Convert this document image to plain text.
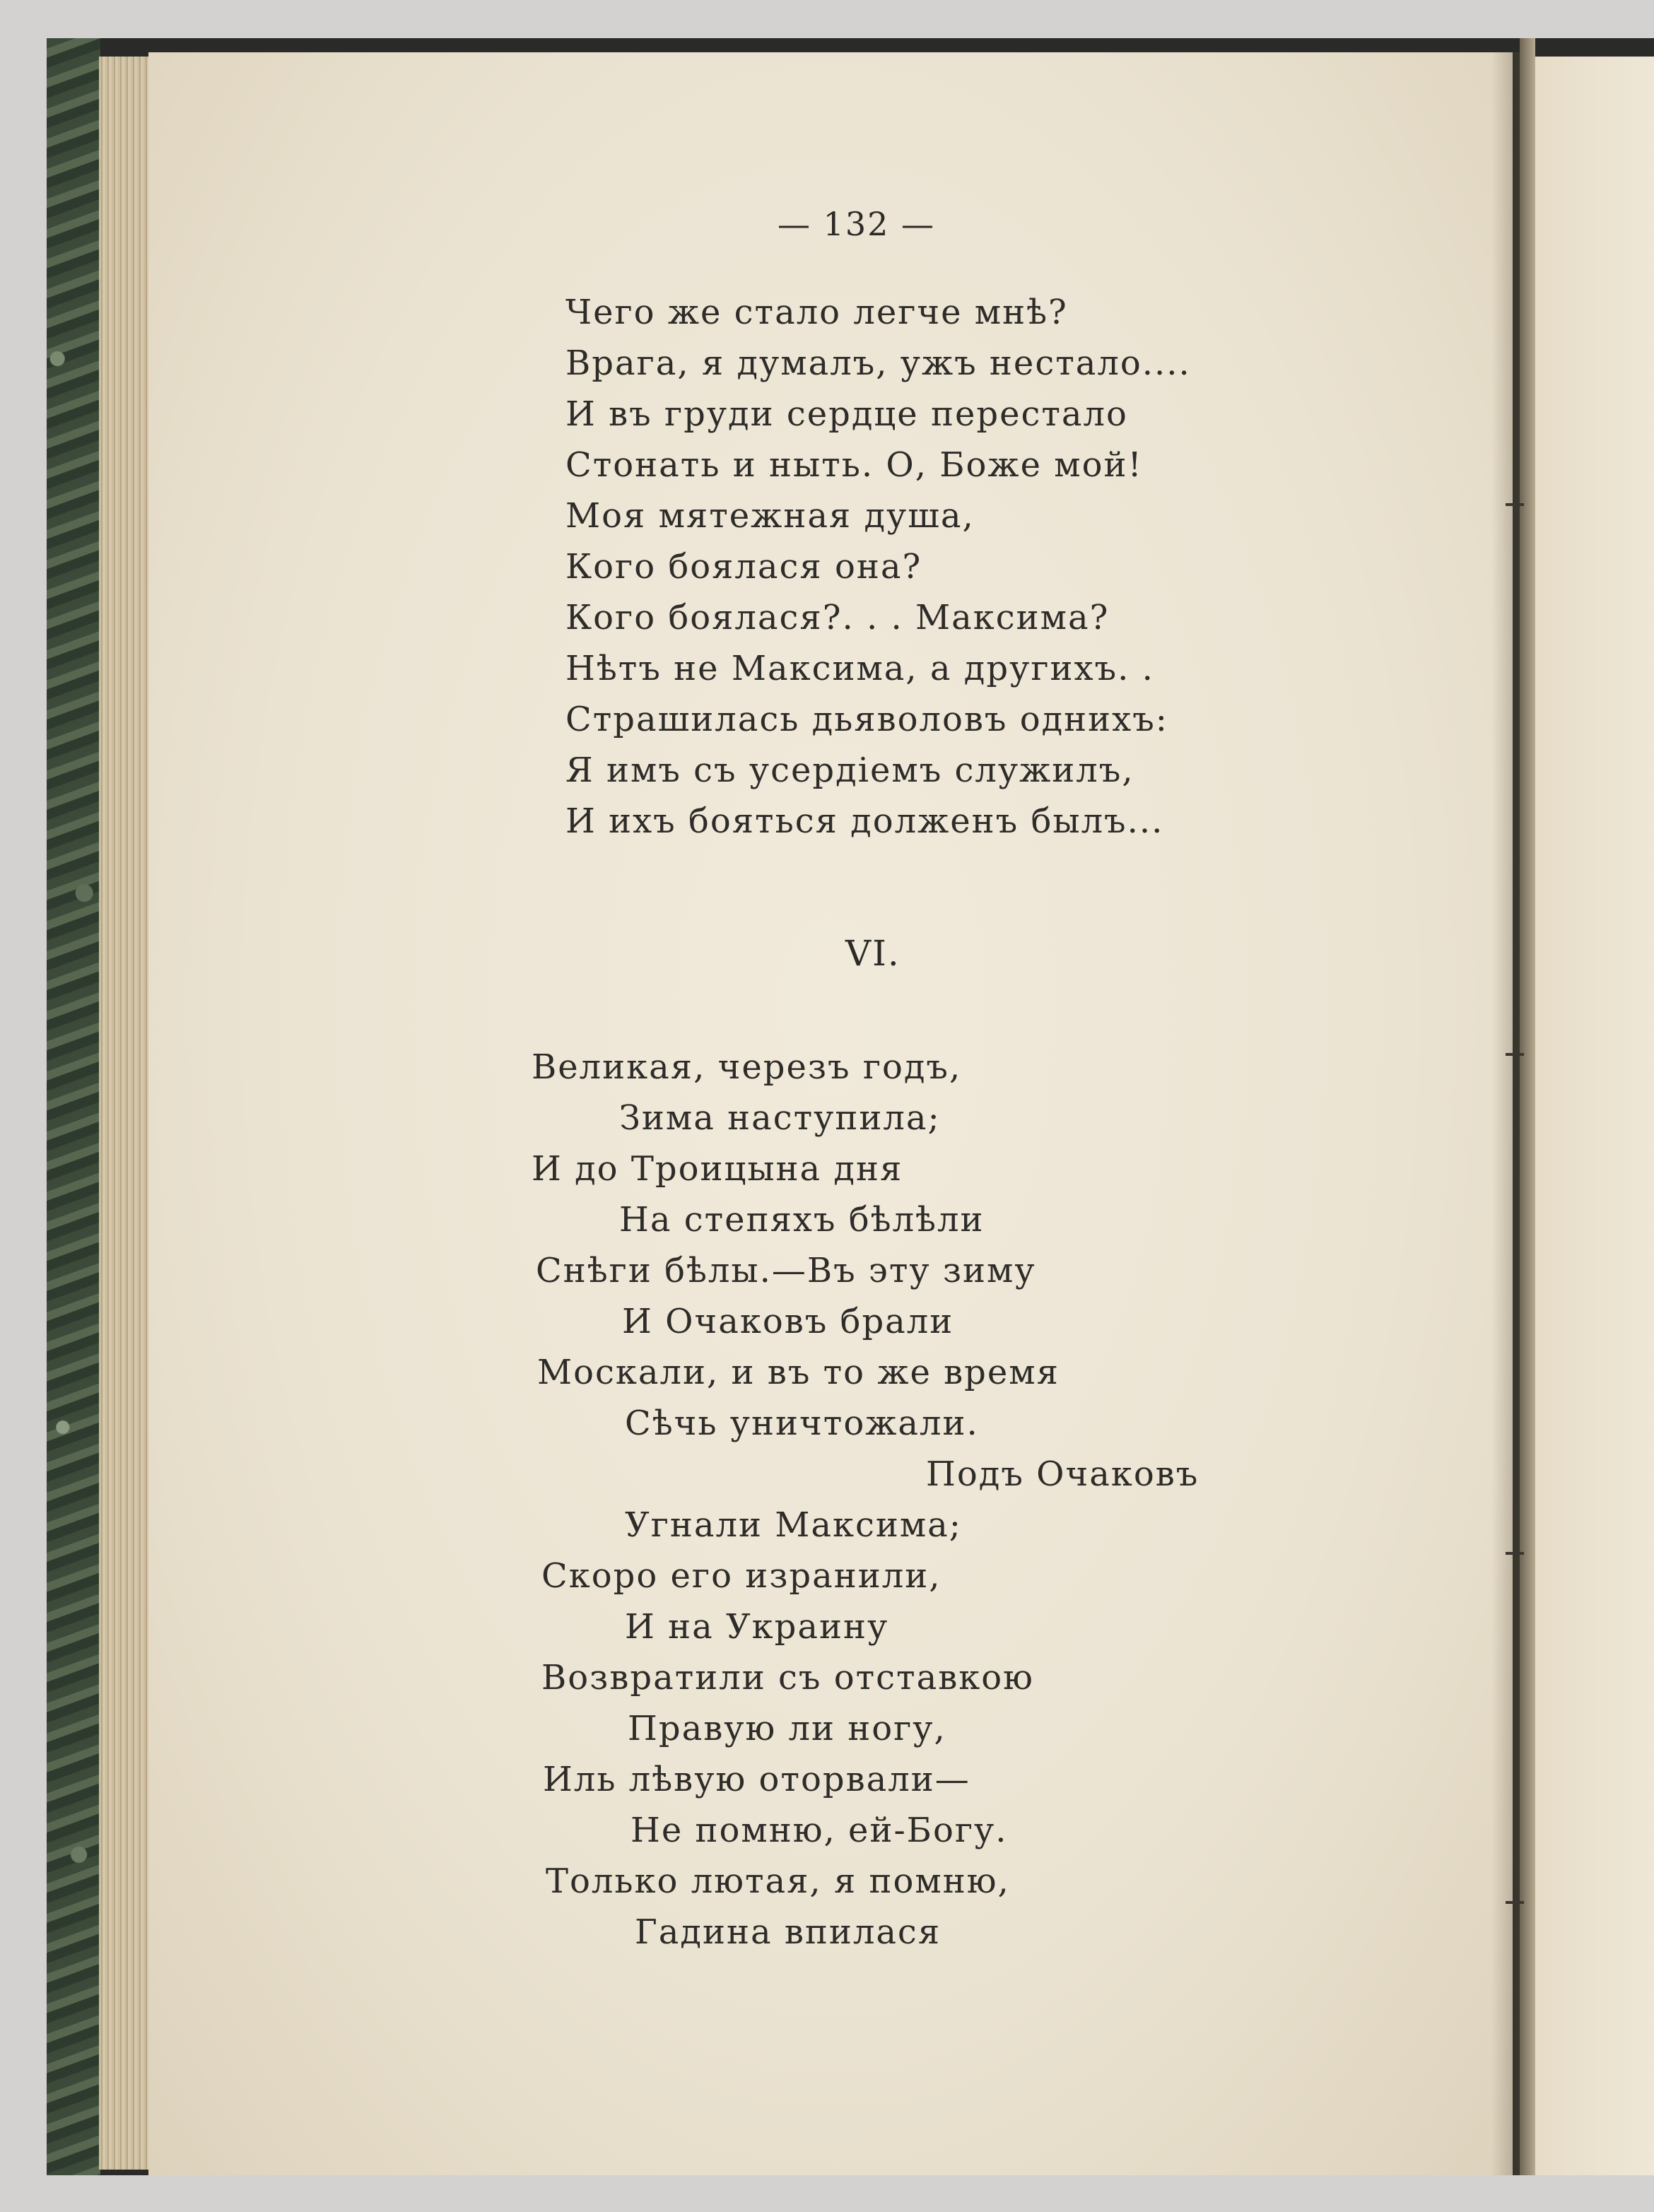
— 132 —
Чего же стало легче мнѣ?
Врага, я думалъ, ужъ нестало....
И въ груди сердце перестало
Стонать и ныть. О, Боже мой!
Моя мятежная душа,
Кого боялася она?
Кого боялася?. . . Максима?
Нѣтъ не Максима, а другихъ. .
Страшилась дьяволовъ однихъ:
Я имъ съ усердіемъ служилъ,
И ихъ бояться долженъ былъ...
VI.
Великая, черезъ годъ,
Зима наступила;
И до Троицына дня
На степяхъ бѣлѣли
Снѣги бѣлы.—Въ эту зиму
И Очаковъ брали
Москали, и въ то же время
Сѣчь уничтожали.
Подъ Очаковъ
Угнали Максима;
Скоро его изранили,
И на Украину
Возвратили съ отставкою
Правую ли ногу,
Иль лѣвую оторвали—
Не помню, ей-Богу.
Только лютая, я помню,
Гадина впилася
